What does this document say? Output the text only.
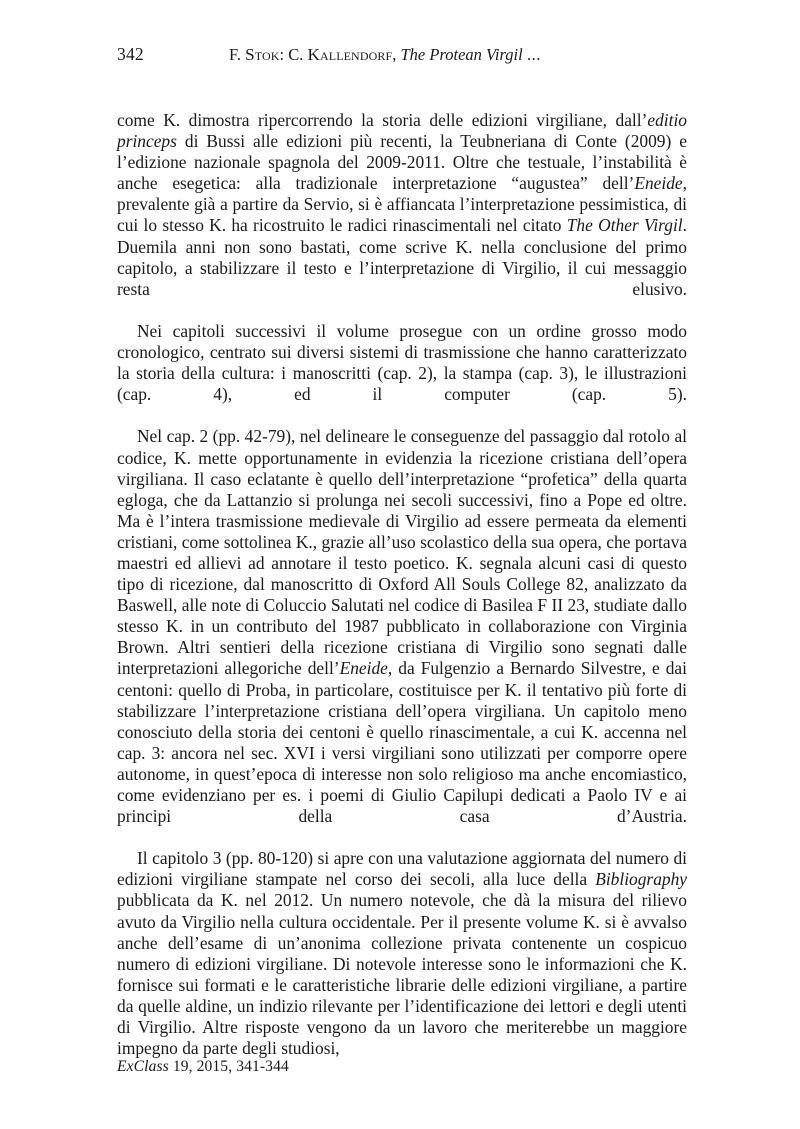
342	F. Stok: C. Kallendorf, The Protean Virgil ...

come K. dimostra ripercorrendo la storia delle edizioni virgiliane, dall’editio princeps di Bussi alle edizioni più recenti, la Teubneriana di Conte (2009) e l’edizione nazionale spagnola del 2009-2011. Oltre che testuale, l’instabilità è anche esegetica: alla tradizionale interpretazione “augustea” dell’Eneide, prevalente già a partire da Servio, si è affiancata l’interpretazione pessimistica, di cui lo stesso K. ha ricostruito le radici rinascimentali nel citato The Other Virgil. Duemila anni non sono bastati, come scrive K. nella conclusione del primo capitolo, a stabilizzare il testo e l’interpretazione di Virgilio, il cui messaggio resta elusivo.

Nei capitoli successivi il volume prosegue con un ordine grosso modo cronologico, centrato sui diversi sistemi di trasmissione che hanno caratterizzato la storia della cultura: i manoscritti (cap. 2), la stampa (cap. 3), le illustrazioni (cap. 4), ed il computer (cap. 5).

Nel cap. 2 (pp. 42-79), nel delineare le conseguenze del passaggio dal rotolo al codice, K. mette opportunamente in evidenzia la ricezione cristiana dell’opera virgiliana. Il caso eclatante è quello dell’interpretazione “profetica” della quarta egloga, che da Lattanzio si prolunga nei secoli successivi, fino a Pope ed oltre. Ma è l’intera trasmissione medievale di Virgilio ad essere permeata da elementi cristiani, come sottolinea K., grazie all’uso scolastico della sua opera, che portava maestri ed allievi ad annotare il testo poetico. K. segnala alcuni casi di questo tipo di ricezione, dal manoscritto di Oxford All Souls College 82, analizzato da Baswell, alle note di Coluccio Salutati nel codice di Basilea F II 23, studiate dallo stesso K. in un contributo del 1987 pubblicato in collaborazione con Virginia Brown. Altri sentieri della ricezione cristiana di Virgilio sono segnati dalle interpretazioni allegoriche dell’Eneide, da Fulgenzio a Bernardo Silvestre, e dai centoni: quello di Proba, in particolare, costituisce per K. il tentativo più forte di stabilizzare l’interpretazione cristiana dell’opera virgiliana. Un capitolo meno conosciuto della storia dei centoni è quello rinascimentale, a cui K. accenna nel cap. 3: ancora nel sec. XVI i versi virgiliani sono utilizzati per comporre opere autonome, in quest’epoca di interesse non solo religioso ma anche encomiastico, come evidenziano per es. i poemi di Giulio Capilupi dedicati a Paolo IV e ai principi della casa d’Austria.

Il capitolo 3 (pp. 80-120) si apre con una valutazione aggiornata del numero di edizioni virgiliane stampate nel corso dei secoli, alla luce della Bibliography pubblicata da K. nel 2012. Un numero notevole, che dà la misura del rilievo avuto da Virgilio nella cultura occidentale. Per il presente volume K. si è avvalso anche dell’esame di un’anonima collezione privata contenente un cospicuo numero di edizioni virgiliane. Di notevole interesse sono le informazioni che K. fornisce sui formati e le caratteristiche librarie delle edizioni virgiliane, a partire da quelle aldine, un indizio rilevante per l’identificazione dei lettori e degli utenti di Virgilio. Altre risposte vengono da un lavoro che meriterebbe un maggiore impegno da parte degli studiosi,

ExClass 19, 2015, 341-344
